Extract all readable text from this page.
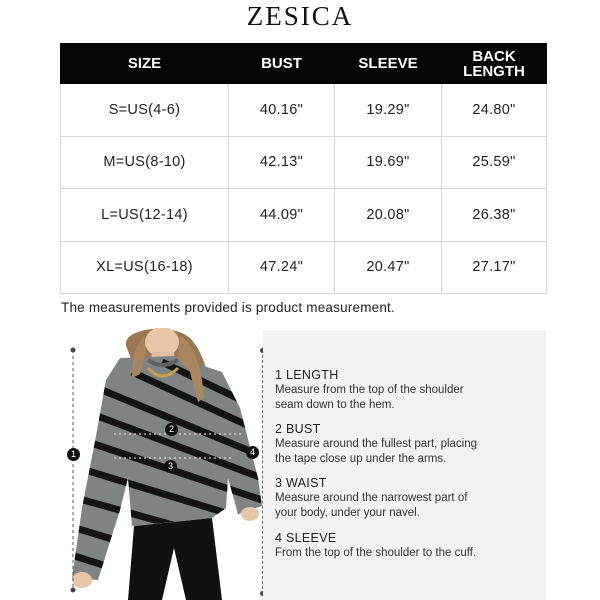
ZESICA
SIZE	BUST	SLEEVE	BACK LENGTH
S=US(4-6)	40.16"	19.29"	24.80"
M=US(8-10)	42.13"	19.69"	25.59"
L=US(12-14)	44.09"	20.08"	26.38"
XL=US(16-18)	47.24"	20.47"	27.17"
The measurements provided is product measurement.
1
2
3
4
1 LENGTH
Measure from the top of the shoulder seam down to the hem.
2 BUST
Measure around the fullest part, placing the tape close up under the arms.
3 WAIST
Measure around the narrowest part of your body, under your navel.
4 SLEEVE
From the top of the shoulder to the cuff.
